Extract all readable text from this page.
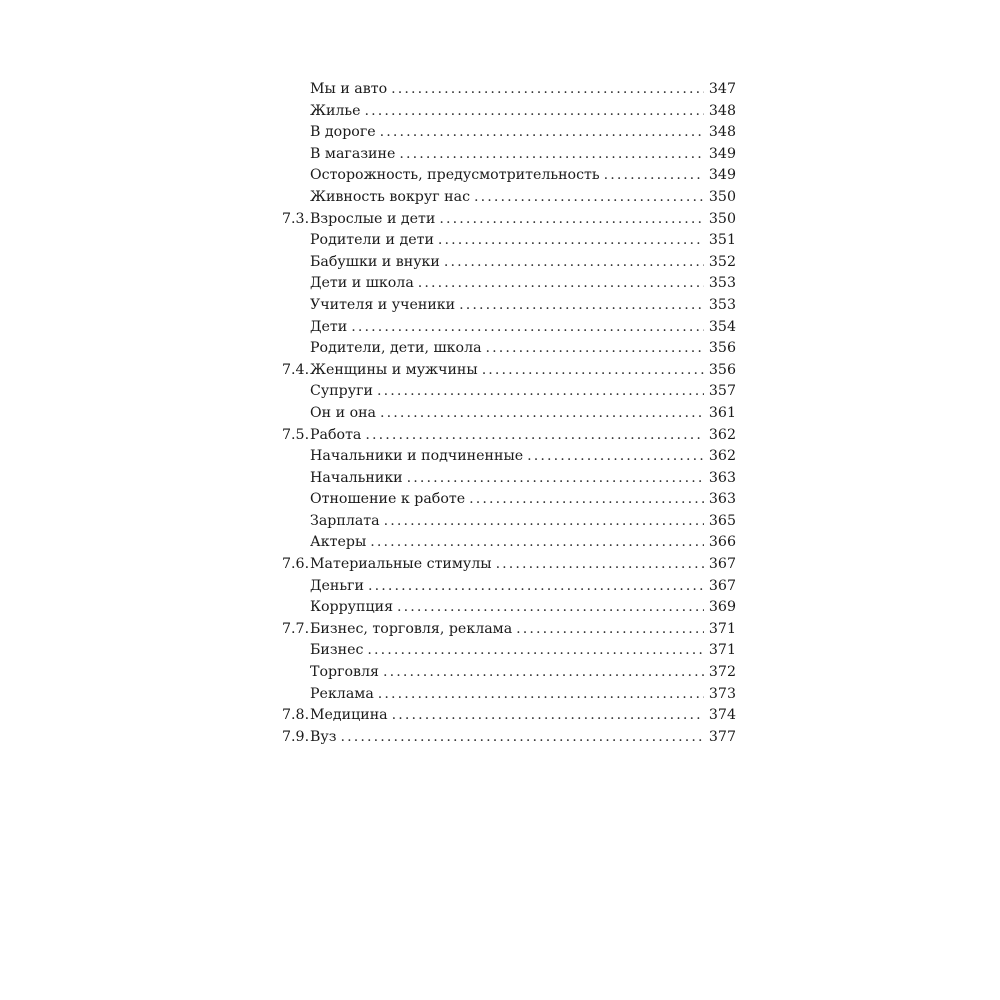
Мы и авто . . .	347
Жилье . . .	348
В дороге . . .	348
В магазине . . .	349
Осторожность, предусмотрительность . . .	349
Живность вокруг нас . . .	350
7.3. Взрослые и дети . . .	350
Родители и дети . . .	351
Бабушки и внуки . . .	352
Дети и школа . . .	353
Учителя и ученики . . .	353
Дети . . .	354
Родители, дети, школа . . .	356
7.4. Женщины и мужчины . . .	356
Супруги . . .	357
Он и она . . .	361
7.5. Работа . . .	362
Начальники и подчиненные . . .	362
Начальники . . .	363
Отношение к работе . . .	363
Зарплата . . .	365
Актеры . . .	366
7.6. Материальные стимулы . . .	367
Деньги . . .	367
Коррупция . . .	369
7.7. Бизнес, торговля, реклама . . .	371
Бизнес . . .	371
Торговля . . .	372
Реклама . . .	373
7.8. Медицина . . .	374
7.9. Вуз . . .	377
